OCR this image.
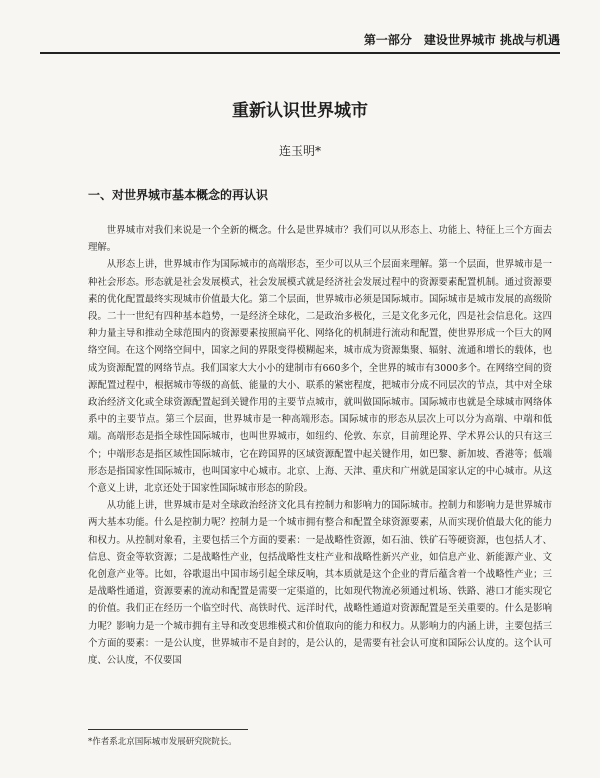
第一部分　建设世界城市 挑战与机遇
重新认识世界城市
连玉明*
一、对世界城市基本概念的再认识

世界城市对我们来说是一个全新的概念。什么是世界城市？我们可以从形态上、功能上、特征上三个方面去理解。

从形态上讲，世界城市作为国际城市的高端形态，至少可以从三个层面来理解。第一个层面，世界城市是一种社会形态。形态就是社会发展模式，社会发展模式就是经济社会发展过程中的资源要素配置机制。通过资源要素的优化配置最终实现城市价值最大化。第二个层面，世界城市必须是国际城市。国际城市是城市发展的高级阶段。二十一世纪有四种基本趋势，一是经济全球化，二是政治多极化，三是文化多元化，四是社会信息化。这四种力量主导和推动全球范围内的资源要素按照扁平化、网络化的机制进行流动和配置，使世界形成一个巨大的网络空间。在这个网络空间中，国家之间的界限变得模糊起来，城市成为资源集聚、辐射、流通和增长的载体，也成为资源配置的网络节点。我们国家大大小小的建制市有660多个，全世界的城市有3000多个。在网络空间的资源配置过程中，根据城市等级的高低、能量的大小、联系的紧密程度，把城市分成不同层次的节点，其中对全球政治经济文化或全球资源配置起到关键作用的主要节点城市，就叫做国际城市。国际城市也就是全球城市网络体系中的主要节点。第三个层面，世界城市是一种高端形态。国际城市的形态从层次上可以分为高端、中端和低端。高端形态是指全球性国际城市，也叫世界城市，如纽约、伦敦、东京，目前理论界、学术界公认的只有这三个；中端形态是指区域性国际城市，它在跨国界的区域资源配置中起关键作用，如巴黎、新加坡、香港等；低端形态是指国家性国际城市，也叫国家中心城市。北京、上海、天津、重庆和广州就是国家认定的中心城市。从这个意义上讲，北京还处于国家性国际城市形态的阶段。

从功能上讲，世界城市是对全球政治经济文化具有控制力和影响力的国际城市。控制力和影响力是世界城市两大基本功能。什么是控制力呢？控制力是一个城市拥有整合和配置全球资源要素，从而实现价值最大化的能力和权力。从控制对象看，主要包括三个方面的要素：一是战略性资源，如石油、铁矿石等硬资源，也包括人才、信息、资金等软资源；二是战略性产业，包括战略性支柱产业和战略性新兴产业，如信息产业、新能源产业、文化创意产业等。比如，谷歌退出中国市场引起全球反响，其本质就是这个企业的背后蕴含着一个战略性产业；三是战略性通道，资源要素的流动和配置是需要一定渠道的，比如现代物流必须通过机场、铁路、港口才能实现它的价值。我们正在经历一个临空时代、高铁时代、远洋时代，战略性通道对资源配置是至关重要的。什么是影响力呢？影响力是一个城市拥有主导和改变思维模式和价值取向的能力和权力。从影响力的内涵上讲，主要包括三个方面的要素：一是公认度，世界城市不是自封的，是公认的，是需要有社会认可度和国际公认度的。这个认可度、公认度，不仅要国

*作者系北京国际城市发展研究院院长。
